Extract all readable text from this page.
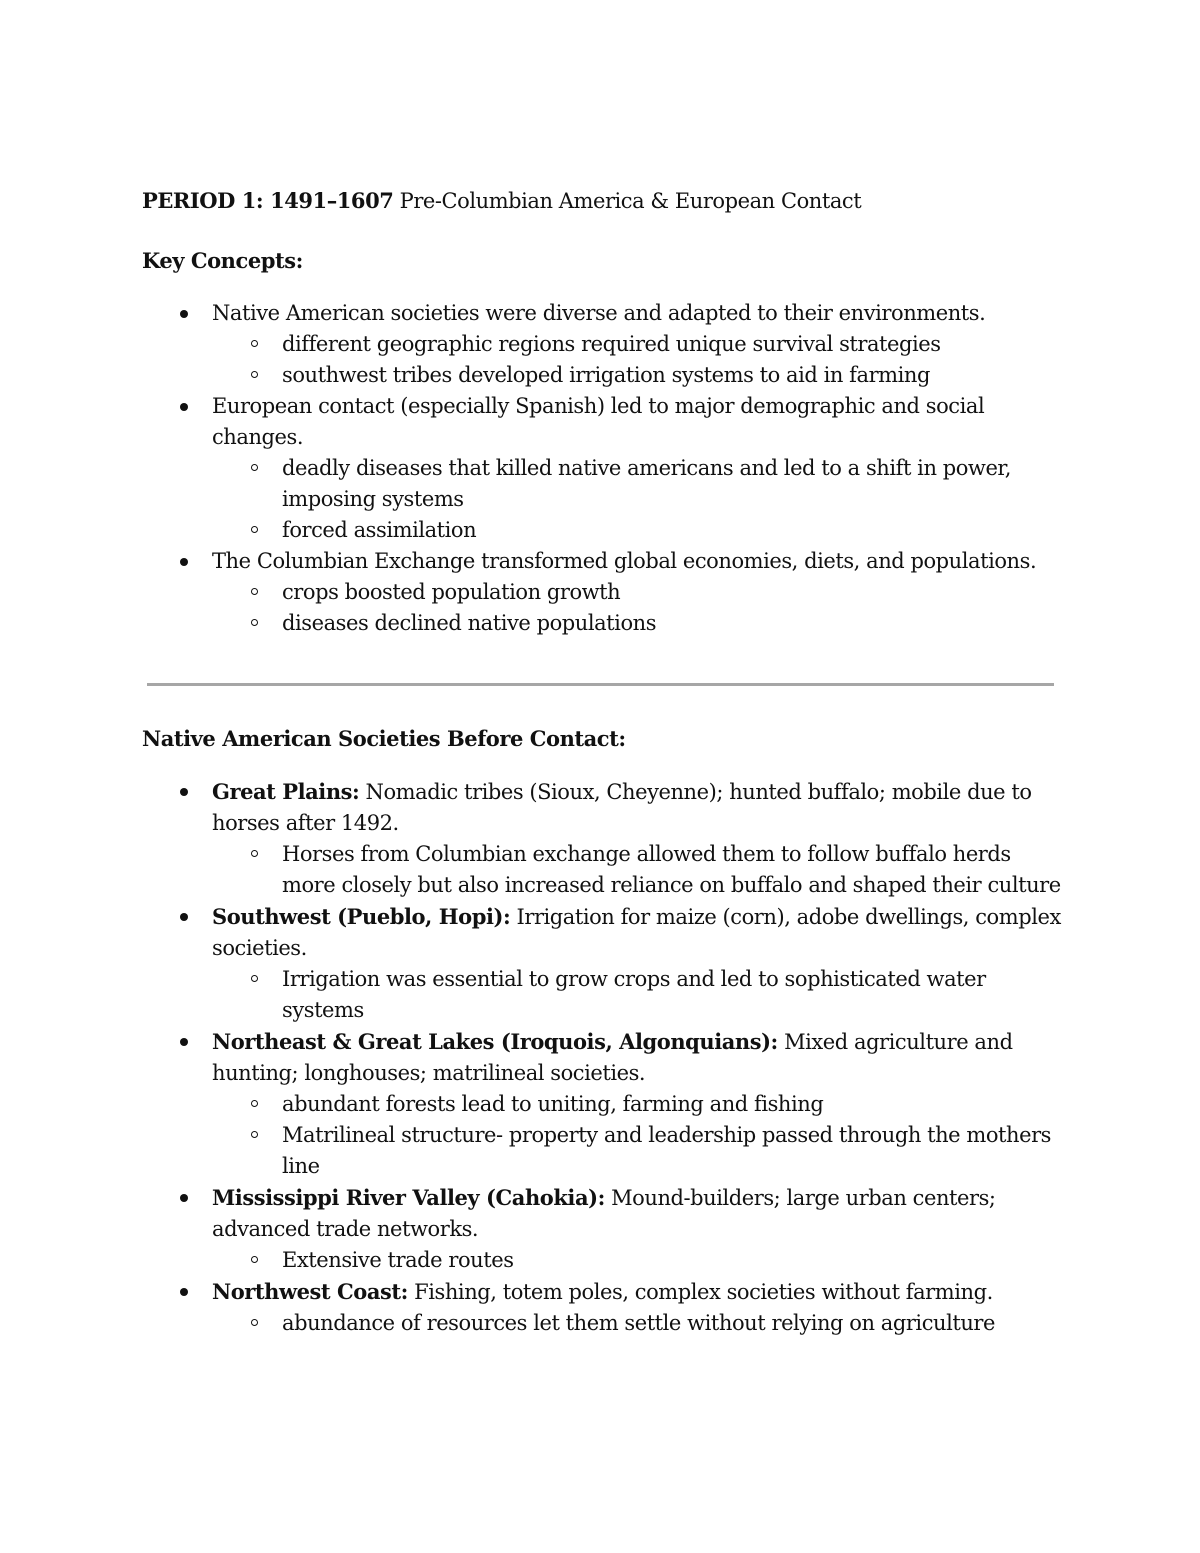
PERIOD 1: 1491–1607 Pre-Columbian America & European Contact

Key Concepts:

Native American societies were diverse and adapted to their environments.
different geographic regions required unique survival strategies
southwest tribes developed irrigation systems to aid in farming
European contact (especially Spanish) led to major demographic and social changes.
deadly diseases that killed native americans and led to a shift in power, imposing systems
forced assimilation
The Columbian Exchange transformed global economies, diets, and populations.
crops boosted population growth
diseases declined native populations

Native American Societies Before Contact:

Great Plains: Nomadic tribes (Sioux, Cheyenne); hunted buffalo; mobile due to horses after 1492.
Horses from Columbian exchange allowed them to follow buffalo herds more closely but also increased reliance on buffalo and shaped their culture
Southwest (Pueblo, Hopi): Irrigation for maize (corn), adobe dwellings, complex societies.
Irrigation was essential to grow crops and led to sophisticated water systems
Northeast & Great Lakes (Iroquois, Algonquians): Mixed agriculture and hunting; longhouses; matrilineal societies.
abundant forests lead to uniting, farming and fishing
Matrilineal structure- property and leadership passed through the mothers line
Mississippi River Valley (Cahokia): Mound-builders; large urban centers; advanced trade networks.
Extensive trade routes
Northwest Coast: Fishing, totem poles, complex societies without farming.
abundance of resources let them settle without relying on agriculture
